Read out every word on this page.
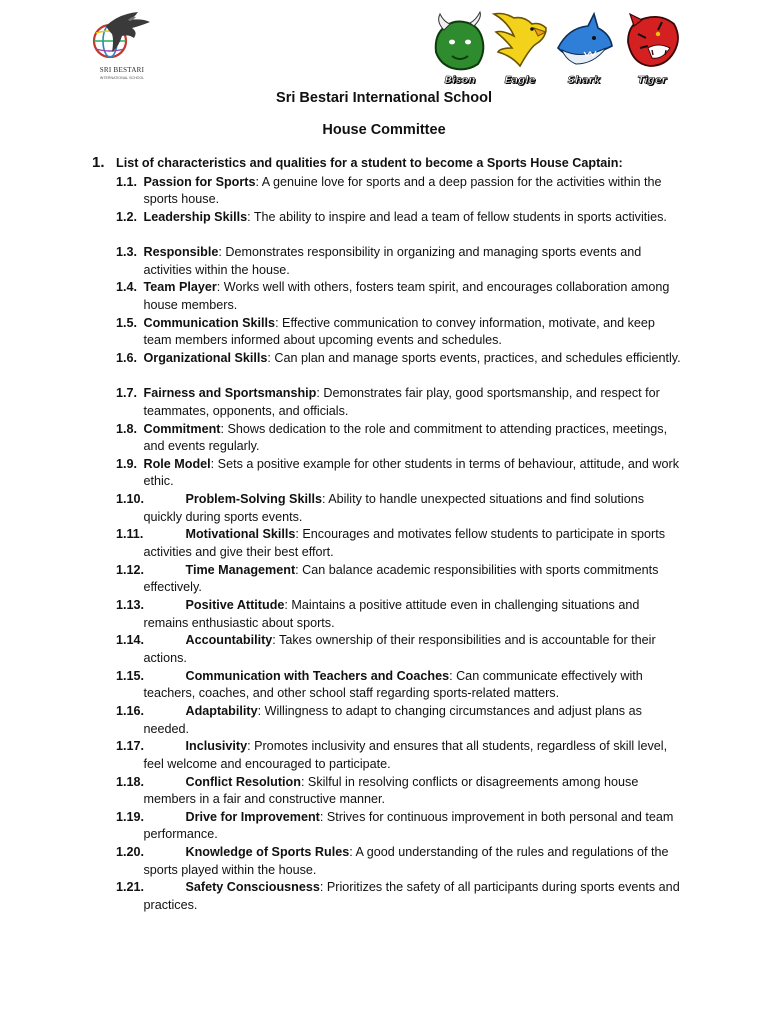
SRI BESTARI
INTERNATIONAL SCHOOL	Bison	Eagle	Shark	Tiger
Sri Bestari International School
House Committee
1. List of characteristics and qualities for a student to become a Sports House Captain:
1.1. Passion for Sports: A genuine love for sports and a deep passion for the activities within the sports house.
1.2. Leadership Skills: The ability to inspire and lead a team of fellow students in sports activities.
1.3. Responsible: Demonstrates responsibility in organizing and managing sports events and activities within the house.
1.4. Team Player: Works well with others, fosters team spirit, and encourages collaboration among house members.
1.5. Communication Skills: Effective communication to convey information, motivate, and keep team members informed about upcoming events and schedules.
1.6. Organizational Skills: Can plan and manage sports events, practices, and schedules efficiently.
1.7. Fairness and Sportsmanship: Demonstrates fair play, good sportsmanship, and respect for teammates, opponents, and officials.
1.8. Commitment: Shows dedication to the role and commitment to attending practices, meetings, and events regularly.
1.9. Role Model: Sets a positive example for other students in terms of behaviour, attitude, and work ethic.
1.10.	Problem-Solving Skills: Ability to handle unexpected situations and find solutions quickly during sports events.
1.11.	Motivational Skills: Encourages and motivates fellow students to participate in sports activities and give their best effort.
1.12.	Time Management: Can balance academic responsibilities with sports commitments effectively.
1.13.	Positive Attitude: Maintains a positive attitude even in challenging situations and remains enthusiastic about sports.
1.14.	Accountability: Takes ownership of their responsibilities and is accountable for their actions.
1.15.	Communication with Teachers and Coaches: Can communicate effectively with teachers, coaches, and other school staff regarding sports-related matters.
1.16.	Adaptability: Willingness to adapt to changing circumstances and adjust plans as needed.
1.17.	Inclusivity: Promotes inclusivity and ensures that all students, regardless of skill level, feel welcome and encouraged to participate.
1.18.	Conflict Resolution: Skilful in resolving conflicts or disagreements among house members in a fair and constructive manner.
1.19.	Drive for Improvement: Strives for continuous improvement in both personal and team performance.
1.20.	Knowledge of Sports Rules: A good understanding of the rules and regulations of the sports played within the house.
1.21.	Safety Consciousness: Prioritizes the safety of all participants during sports events and practices.
